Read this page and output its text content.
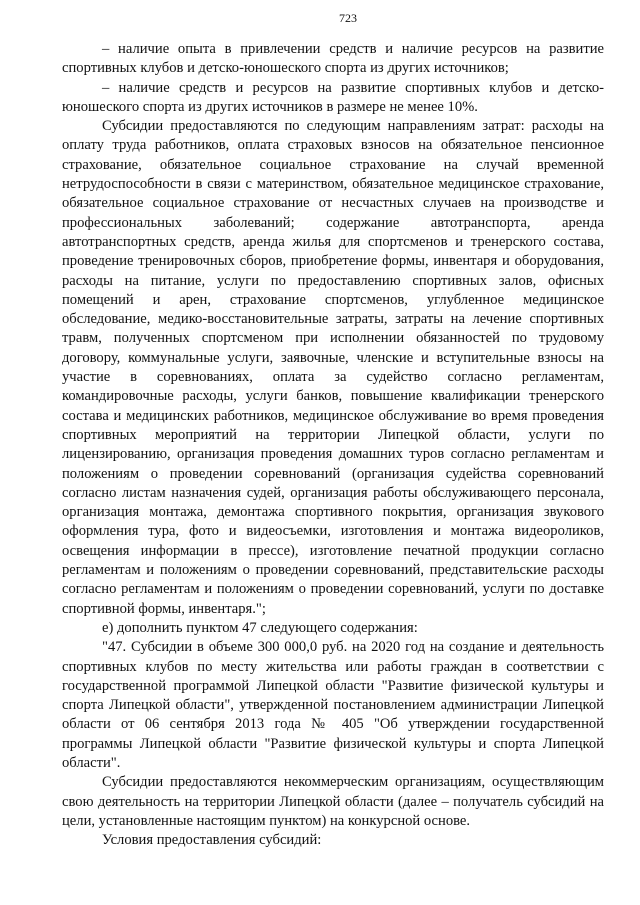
723

– наличие опыта в привлечении средств и наличие ресурсов на развитие спортивных клубов и детско-юношеского спорта из других источников;

– наличие средств и ресурсов на развитие спортивных клубов и детско-юношеского спорта из других источников в размере не менее 10%.

Субсидии предоставляются по следующим направлениям затрат: расходы на оплату труда работников, оплата страховых взносов на обязательное пенсионное страхование, обязательное социальное страхование на случай временной нетрудоспособности в связи с материнством, обязательное медицинское страхование, обязательное социальное страхование от несчастных случаев на производстве и профессиональных заболеваний; содержание автотранспорта, аренда автотранспортных средств, аренда жилья для спортсменов и тренерского состава, проведение тренировочных сборов, приобретение формы, инвентаря и оборудования, расходы на питание, услуги по предоставлению спортивных залов, офисных помещений и арен, страхование спортсменов, углубленное медицинское обследование, медико-восстановительные затраты, затраты на лечение спортивных травм, полученных спортсменом при исполнении обязанностей по трудовому договору, коммунальные услуги, заявочные, членские и вступительные взносы на участие в соревнованиях, оплата за судейство согласно регламентам, командировочные расходы, услуги банков, повышение квалификации тренерского состава и медицинских работников, медицинское обслуживание во время проведения спортивных мероприятий на территории Липецкой области, услуги по лицензированию, организация проведения домашних туров согласно регламентам и положениям о проведении соревнований (организация судейства соревнований согласно листам назначения судей, организация работы обслуживающего персонала, организация монтажа, демонтажа спортивного покрытия, организация звукового оформления тура, фото и видеосъемки, изготовления и монтажа видеороликов, освещения информации в прессе), изготовление печатной продукции согласно регламентам и положениям о проведении соревнований, представительские расходы согласно регламентам и положениям о проведении соревнований, услуги по доставке спортивной формы, инвентаря.";

е) дополнить пунктом 47 следующего содержания:

"47. Субсидии в объеме 300 000,0 руб. на 2020 год на создание и деятельность спортивных клубов по месту жительства или работы граждан в соответствии с государственной программой Липецкой области "Развитие физической культуры и спорта Липецкой области", утвержденной постановлением администрации Липецкой области от 06 сентября 2013 года № 405 "Об утверждении государственной программы Липецкой области "Развитие физической культуры и спорта Липецкой области".

Субсидии предоставляются некоммерческим организациям, осуществляющим свою деятельность на территории Липецкой области (далее – получатель субсидий на цели, установленные настоящим пунктом) на конкурсной основе.

Условия предоставления субсидий:
